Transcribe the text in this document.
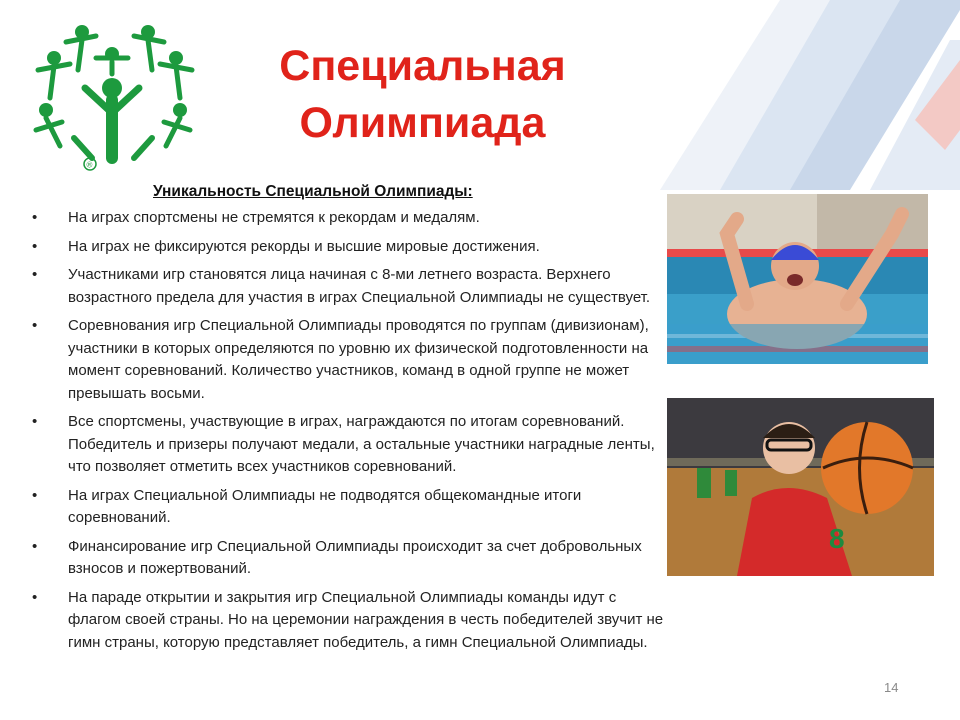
®
Специальная
Олимпиада
Уникальность Специальной Олимпиады:
• На играх спортсмены не стремятся к рекордам и медалям.
• На играх не фиксируются рекорды и высшие мировые достижения.
• Участниками игр становятся лица начиная с 8-ми летнего возраста. Верхнего возрастного предела для участия в играх Специальной Олимпиады не существует.
• Соревнования игр Специальной Олимпиады проводятся по группам (дивизионам), участники в которых определяются по уровню их физической подготовленности на момент соревнований. Количество участников, команд в одной группе не может превышать восьми.
• Все спортсмены, участвующие в играх, награждаются по итогам соревнований. Победитель и призеры получают медали, а остальные участники наградные ленты, что позволяет отметить всех участников соревнований.
• На играх Специальной Олимпиады не подводятся общекомандные итоги соревнований.
• Финансирование игр Специальной Олимпиады происходит за счет добровольных взносов и пожертвований.
• На параде открытии и закрытия игр Специальной Олимпиады команды идут с флагом своей страны. Но на церемонии награждения в честь победителей звучит не гимн страны, которую представляет победитель, а гимн Специальной Олимпиады.
8
14
